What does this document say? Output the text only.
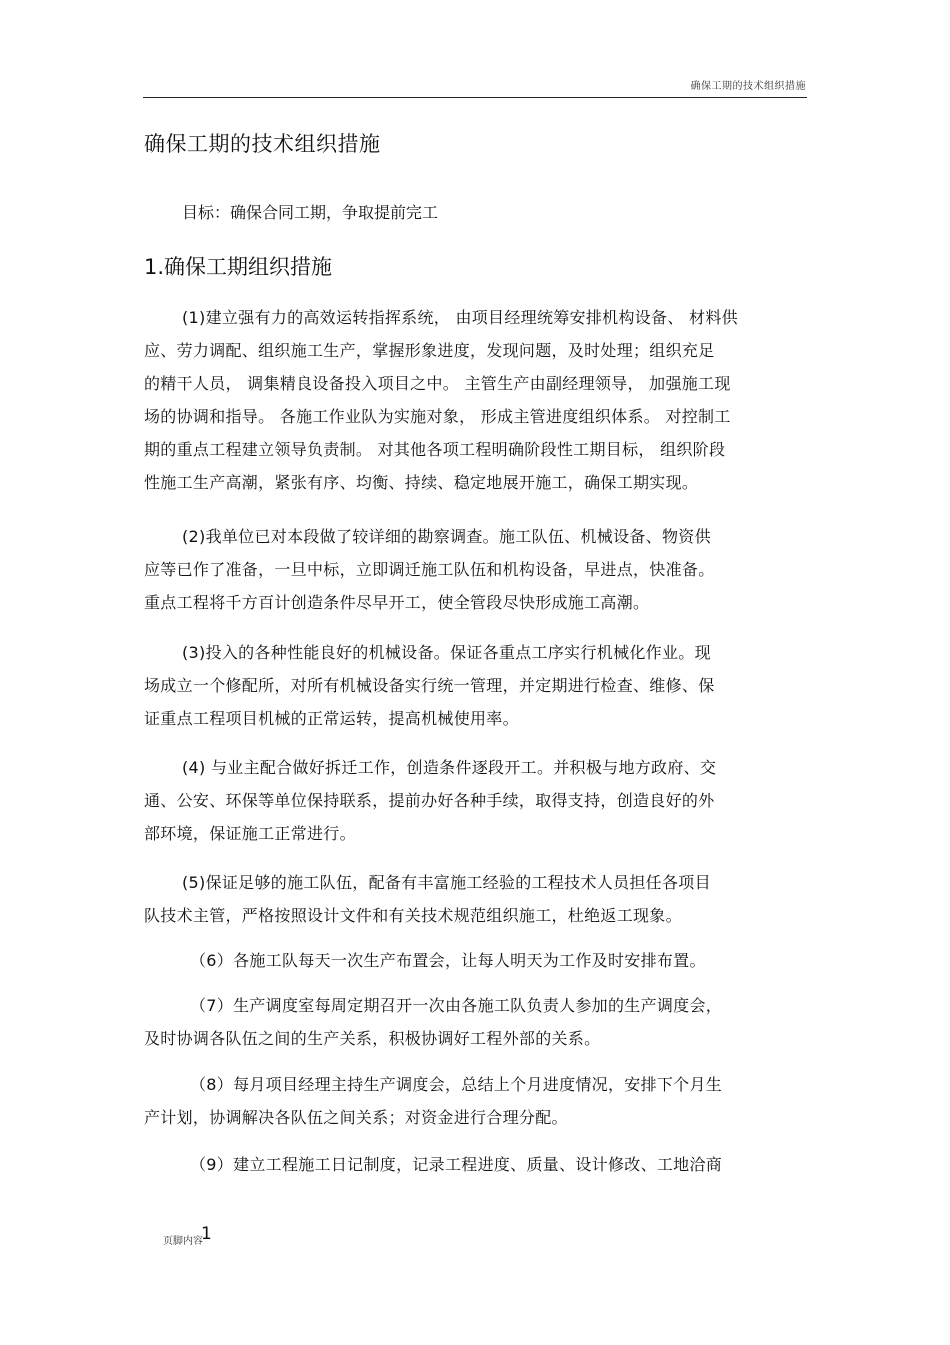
确保工期的技术组织措施
确保工期的技术组织措施
目标：确保合同工期，争取提前完工
1.确保工期组织措施

(1)建立强有力的高效运转指挥系统， 由项目经理统筹安排机构设备、 材料供
应、劳力调配、组织施工生产，掌握形象进度，发现问题，及时处理；组织充足
的精干人员， 调集精良设备投入项目之中。 主管生产由副经理领导， 加强施工现
场的协调和指导。 各施工作业队为实施对象， 形成主管进度组织体系。 对控制工
期的重点工程建立领导负责制。 对其他各项工程明确阶段性工期目标， 组织阶段
性施工生产高潮，紧张有序、均衡、持续、稳定地展开施工，确保工期实现。

(2)我单位已对本段做了较详细的勘察调查。施工队伍、机械设备、物资供
应等已作了准备，一旦中标，立即调迁施工队伍和机构设备，早进点，快准备。
重点工程将千方百计创造条件尽早开工，使全管段尽快形成施工高潮。

(3)投入的各种性能良好的机械设备。保证各重点工序实行机械化作业。现
场成立一个修配所，对所有机械设备实行统一管理，并定期进行检查、维修、保
证重点工程项目机械的正常运转，提高机械使用率。

(4) 与业主配合做好拆迁工作，创造条件逐段开工。并积极与地方政府、交
通、公安、环保等单位保持联系，提前办好各种手续，取得支持，创造良好的外
部环境，保证施工正常进行。

(5)保证足够的施工队伍，配备有丰富施工经验的工程技术人员担任各项目
队技术主管，严格按照设计文件和有关技术规范组织施工，杜绝返工现象。

（6）各施工队每天一次生产布置会，让每人明天为工作及时安排布置。

（7）生产调度室每周定期召开一次由各施工队负责人参加的生产调度会，
及时协调各队伍之间的生产关系，积极协调好工程外部的关系。

（8）每月项目经理主持生产调度会，总结上个月进度情况，安排下个月生
产计划，协调解决各队伍之间关系；对资金进行合理分配。

（9）建立工程施工日记制度，记录工程进度、质量、设计修改、工地洽商

页脚内容
1
